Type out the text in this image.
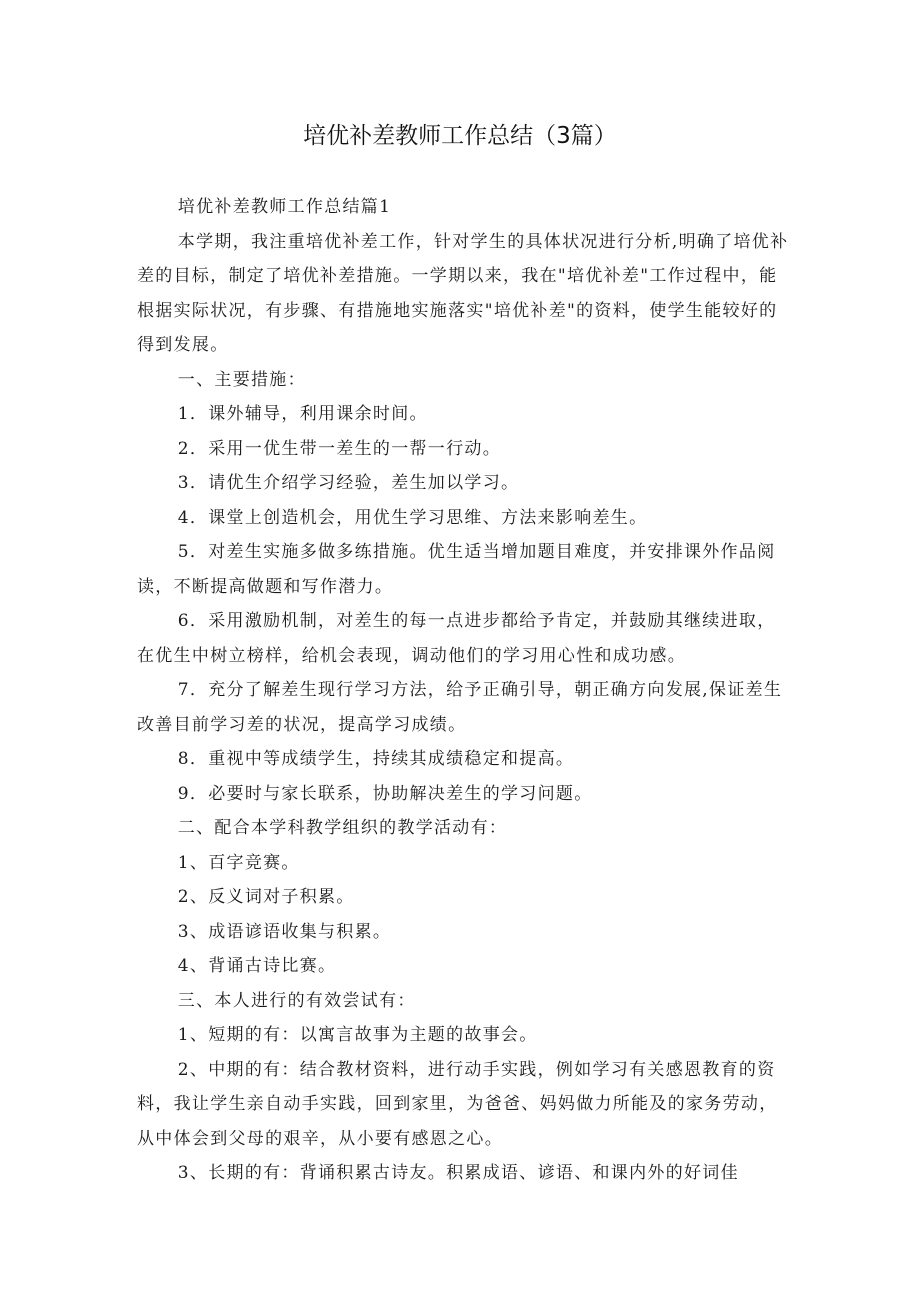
培优补差教师工作总结（3篇）

培优补差教师工作总结篇1

本学期，我注重培优补差工作，针对学生的具体状况进行分析,明确了培优补差的目标，制定了培优补差措施。一学期以来，我在"培优补差"工作过程中，能根据实际状况，有步骤、有措施地实施落实"培优补差"的资料，使学生能较好的得到发展。

一、主要措施：

1．课外辅导，利用课余时间。

2．采用一优生带一差生的一帮一行动。

3．请优生介绍学习经验，差生加以学习。

4．课堂上创造机会，用优生学习思维、方法来影响差生。

5．对差生实施多做多练措施。优生适当增加题目难度，并安排课外作品阅读，不断提高做题和写作潜力。

6．采用激励机制，对差生的每一点进步都给予肯定，并鼓励其继续进取，在优生中树立榜样，给机会表现，调动他们的学习用心性和成功感。

7．充分了解差生现行学习方法，给予正确引导，朝正确方向发展,保证差生改善目前学习差的状况，提高学习成绩。

8．重视中等成绩学生，持续其成绩稳定和提高。

9．必要时与家长联系，协助解决差生的学习问题。

二、配合本学科教学组织的教学活动有：

1、百字竞赛。

2、反义词对子积累。

3、成语谚语收集与积累。

4、背诵古诗比赛。

三、本人进行的有效尝试有：

1、短期的有：以寓言故事为主题的故事会。

2、中期的有：结合教材资料，进行动手实践，例如学习有关感恩教育的资料，我让学生亲自动手实践，回到家里，为爸爸、妈妈做力所能及的家务劳动，从中体会到父母的艰辛，从小要有感恩之心。

3、长期的有：背诵积累古诗友。积累成语、谚语、和课内外的好词佳
